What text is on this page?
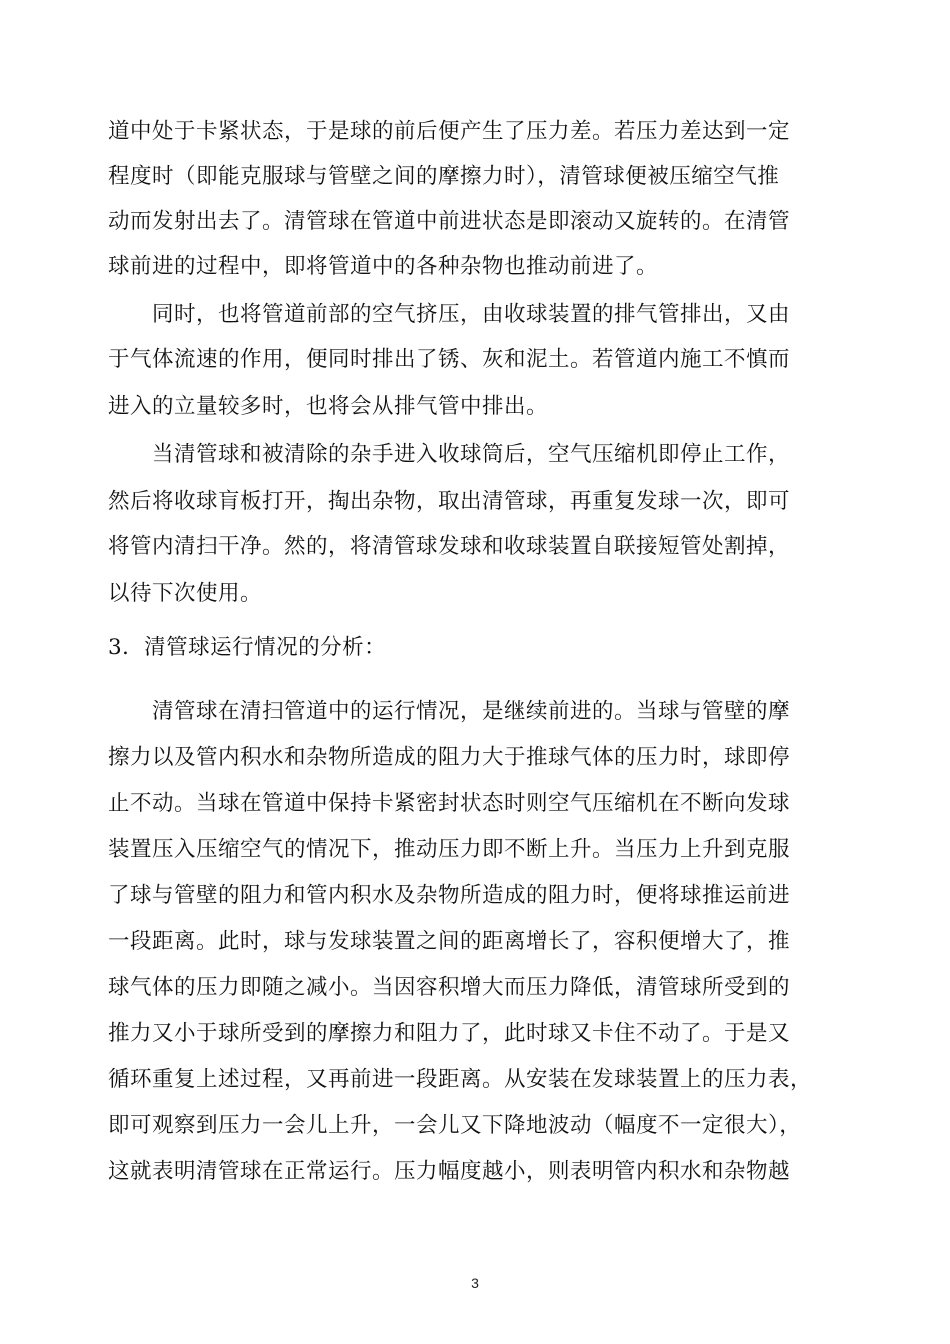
道中处于卡紧状态，于是球的前后便产生了压力差。若压力差达到一定
程度时（即能克服球与管壁之间的摩擦力时），清管球便被压缩空气推
动而发射出去了。清管球在管道中前进状态是即滚动又旋转的。在清管
球前进的过程中，即将管道中的各种杂物也推动前进了。
同时，也将管道前部的空气挤压，由收球装置的排气管排出，又由
于气体流速的作用，便同时排出了锈、灰和泥土。若管道内施工不慎而
进入的立量较多时，也将会从排气管中排出。
当清管球和被清除的杂手进入收球筒后，空气压缩机即停止工作，
然后将收球肓板打开，掏出杂物，取出清管球，再重复发球一次，即可
将管内清扫干净。然的，将清管球发球和收球装置自联接短管处割掉，
以待下次使用。
3．清管球运行情况的分析：
清管球在清扫管道中的运行情况，是继续前进的。当球与管壁的摩
擦力以及管内积水和杂物所造成的阻力大于推球气体的压力时，球即停
止不动。当球在管道中保持卡紧密封状态时则空气压缩机在不断向发球
装置压入压缩空气的情况下，推动压力即不断上升。当压力上升到克服
了球与管壁的阻力和管内积水及杂物所造成的阻力时，便将球推运前进
一段距离。此时，球与发球装置之间的距离增长了，容积便增大了，推
球气体的压力即随之减小。当因容积增大而压力降低，清管球所受到的
推力又小于球所受到的摩擦力和阻力了，此时球又卡住不动了。于是又
循环重复上述过程，又再前进一段距离。从安装在发球装置上的压力表，
即可观察到压力一会儿上升，一会儿又下降地波动（幅度不一定很大），
这就表明清管球在正常运行。压力幅度越小，则表明管内积水和杂物越
3
